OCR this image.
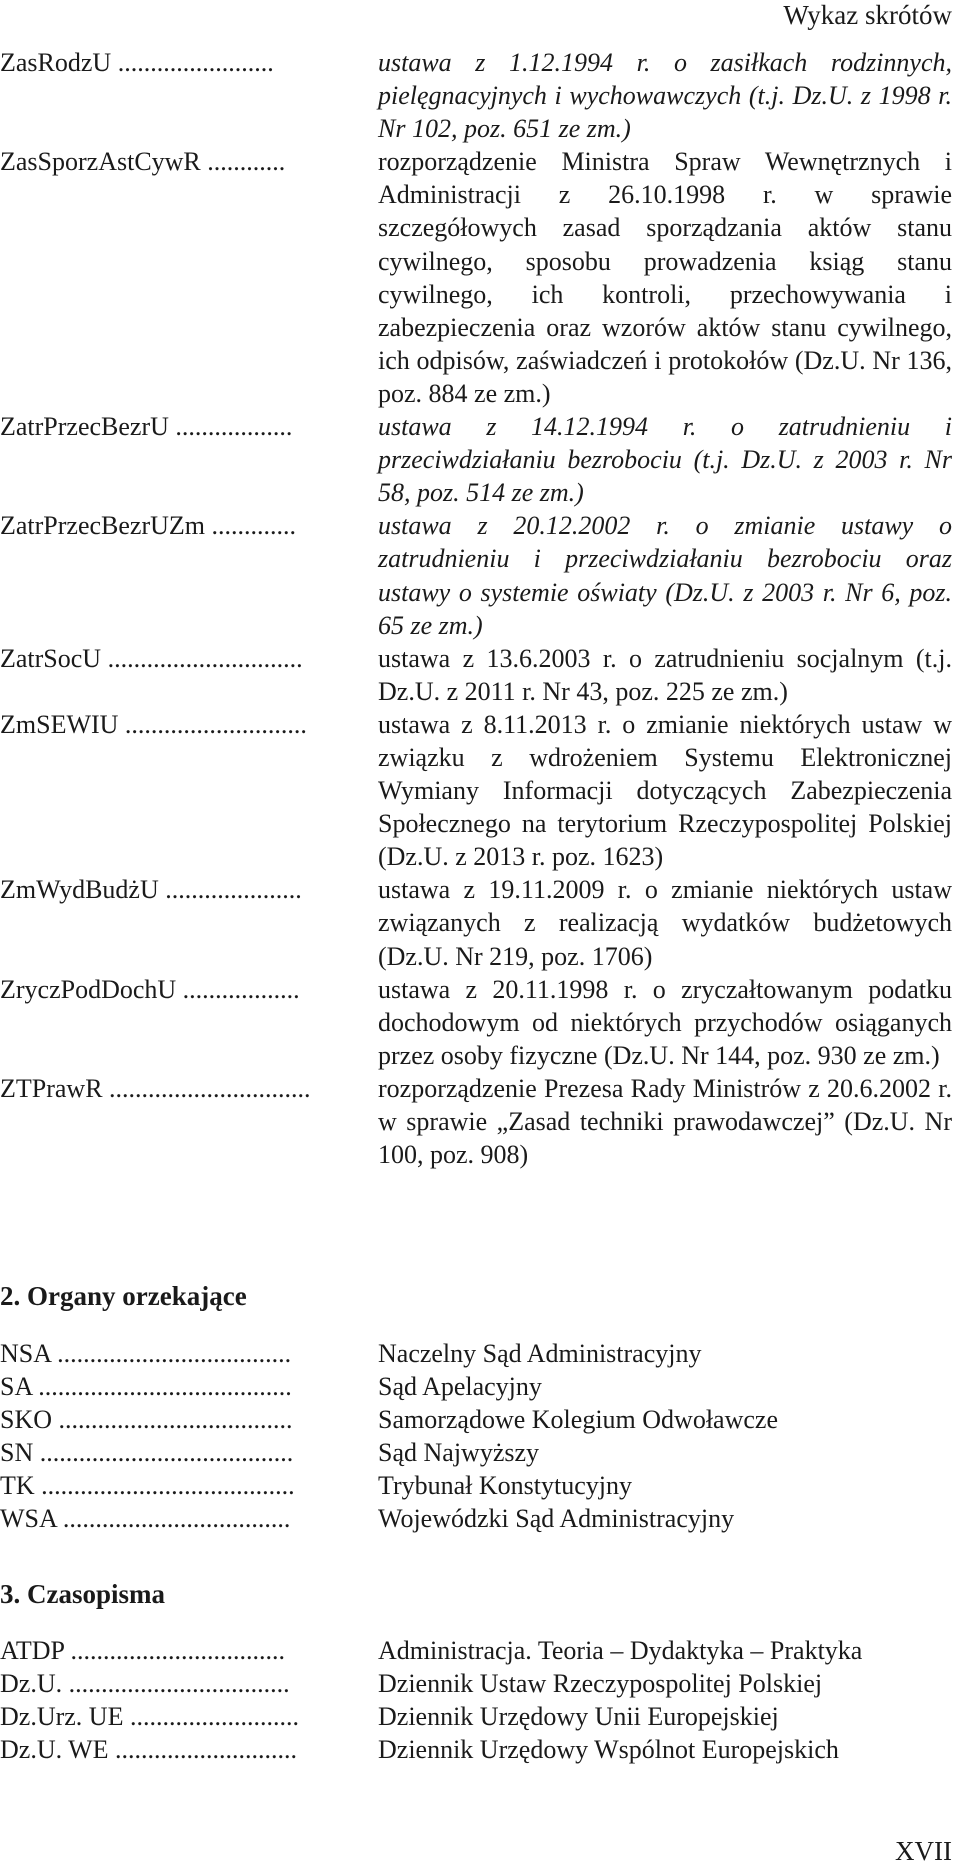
Wykaz skrótów
ZasRodzU ........................	ustawa z 1.12.1994 r. o zasiłkach rodzinnych, pielęgnacyjnych i wychowawczych (t.j. Dz.U. z 1998 r. Nr 102, poz. 651 ze zm.)
ZasSporzAstCywR ............	rozporządzenie Ministra Spraw Wewnętrznych i Administracji z 26.10.1998 r. w sprawie szczegółowych zasad sporządzania aktów stanu cywilnego, sposobu prowadzenia ksiąg stanu cywilnego, ich kontroli, przechowywania i zabezpieczenia oraz wzorów aktów stanu cywilnego, ich odpisów, zaświadczeń i protokołów (Dz.U. Nr 136, poz. 884 ze zm.)
ZatrPrzecBezrU ..................	ustawa z 14.12.1994 r. o zatrudnieniu i przeciwdziałaniu bezrobociu (t.j. Dz.U. z 2003 r. Nr 58, poz. 514 ze zm.)
ZatrPrzecBezrUZm .............	ustawa z 20.12.2002 r. o zmianie ustawy o zatrudnieniu i przeciwdziałaniu bezrobociu oraz ustawy o systemie oświaty (Dz.U. z 2003 r. Nr 6, poz. 65 ze zm.)
ZatrSocU ..............................	ustawa z 13.6.2003 r. o zatrudnieniu socjalnym (t.j. Dz.U. z 2011 r. Nr 43, poz. 225 ze zm.)
ZmSEWIU ............................	ustawa z 8.11.2013 r. o zmianie niektórych ustaw w związku z wdrożeniem Systemu Elektronicznej Wymiany Informacji dotyczących Zabezpieczenia Społecznego na terytorium Rzeczypospolitej Polskiej (Dz.U. z 2013 r. poz. 1623)
ZmWydBudżU .....................	ustawa z 19.11.2009 r. o zmianie niektórych ustaw związanych z realizacją wydatków budżetowych (Dz.U. Nr 219, poz. 1706)
ZryczPodDochU ..................	ustawa z 20.11.1998 r. o zryczałtowanym podatku dochodowym od niektórych przychodów osiąganych przez osoby fizyczne (Dz.U. Nr 144, poz. 930 ze zm.)
ZTPrawR ...............................	rozporządzenie Prezesa Rady Ministrów z 20.6.2002 r. w sprawie „Zasad techniki prawodawczej” (Dz.U. Nr 100, poz. 908)
2. Organy orzekające
NSA ....................................	Naczelny Sąd Administracyjny
SA .......................................	Sąd Apelacyjny
SKO ....................................	Samorządowe Kolegium Odwoławcze
SN .......................................	Sąd Najwyższy
TK .......................................	Trybunał Konstytucyjny
WSA ...................................	Wojewódzki Sąd Administracyjny
3. Czasopisma
ATDP .................................	Administracja. Teoria – Dydaktyka – Praktyka
Dz.U. ..................................	Dziennik Ustaw Rzeczypospolitej Polskiej
Dz.Urz. UE ..........................	Dziennik Urzędowy Unii Europejskiej
Dz.U. WE ............................	Dziennik Urzędowy Wspólnot Europejskich
XVII
